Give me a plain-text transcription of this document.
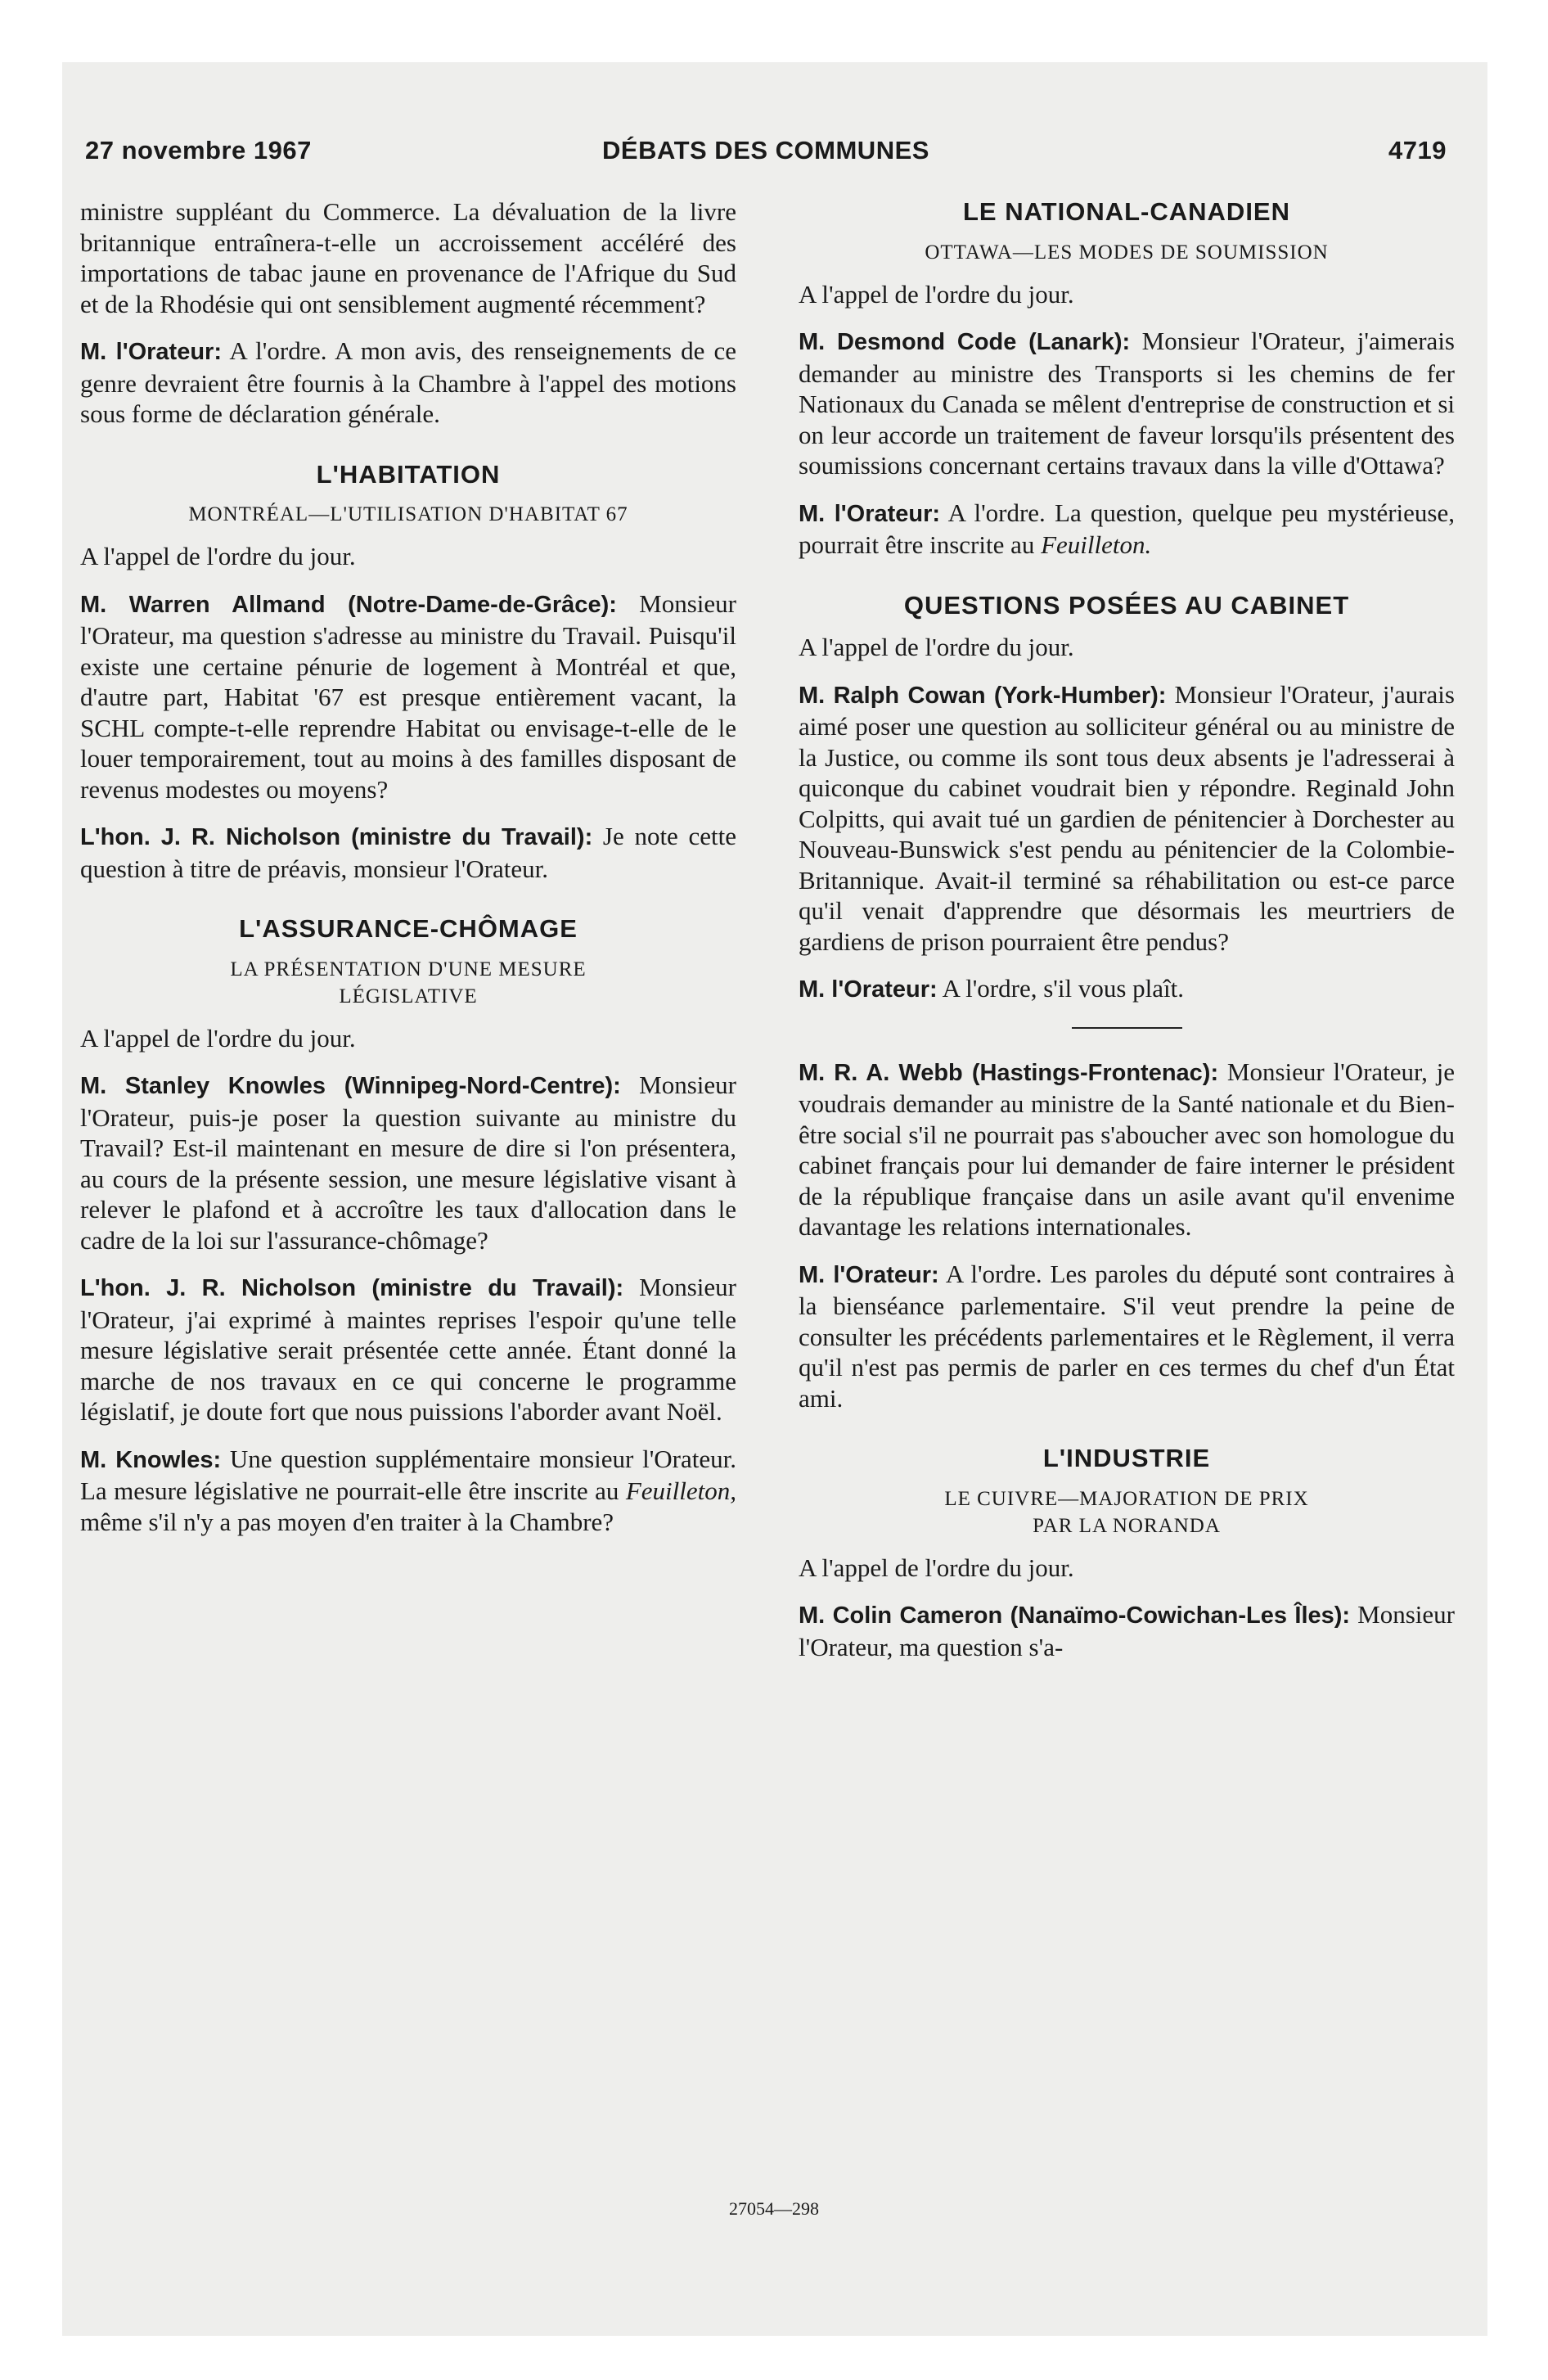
27 novembre 1967	DÉBATS DES COMMUNES	4719

ministre suppléant du Commerce. La dévaluation de la livre britannique entraînera-t-elle un accroissement accéléré des importations de tabac jaune en provenance de l'Afrique du Sud et de la Rhodésie qui ont sensiblement augmenté récemment?

M. l'Orateur: A l'ordre. A mon avis, des renseignements de ce genre devraient être fournis à la Chambre à l'appel des motions sous forme de déclaration générale.

L'HABITATION
MONTRÉAL—L'UTILISATION D'HABITAT 67

A l'appel de l'ordre du jour.

M. Warren Allmand (Notre-Dame-de-Grâce): Monsieur l'Orateur, ma question s'adresse au ministre du Travail. Puisqu'il existe une certaine pénurie de logement à Montréal et que, d'autre part, Habitat '67 est presque entièrement vacant, la SCHL compte-t-elle reprendre Habitat ou envisage-t-elle de le louer temporairement, tout au moins à des familles disposant de revenus modestes ou moyens?

L'hon. J. R. Nicholson (ministre du Travail): Je note cette question à titre de préavis, monsieur l'Orateur.

L'ASSURANCE-CHÔMAGE
LA PRÉSENTATION D'UNE MESURE
LÉGISLATIVE

A l'appel de l'ordre du jour.

M. Stanley Knowles (Winnipeg-Nord-Centre): Monsieur l'Orateur, puis-je poser la question suivante au ministre du Travail? Est-il maintenant en mesure de dire si l'on présentera, au cours de la présente session, une mesure législative visant à relever le plafond et à accroître les taux d'allocation dans le cadre de la loi sur l'assurance-chômage?

L'hon. J. R. Nicholson (ministre du Travail): Monsieur l'Orateur, j'ai exprimé à maintes reprises l'espoir qu'une telle mesure législative serait présentée cette année. Étant donné la marche de nos travaux en ce qui concerne le programme législatif, je doute fort que nous puissions l'aborder avant Noël.

M. Knowles: Une question supplémentaire monsieur l'Orateur. La mesure législative ne pourrait-elle être inscrite au Feuilleton, même s'il n'y a pas moyen d'en traiter à la Chambre?

LE NATIONAL-CANADIEN
OTTAWA—LES MODES DE SOUMISSION

A l'appel de l'ordre du jour.

M. Desmond Code (Lanark): Monsieur l'Orateur, j'aimerais demander au ministre des Transports si les chemins de fer Nationaux du Canada se mêlent d'entreprise de construction et si on leur accorde un traitement de faveur lorsqu'ils présentent des soumissions concernant certains travaux dans la ville d'Ottawa?

M. l'Orateur: A l'ordre. La question, quelque peu mystérieuse, pourrait être inscrite au Feuilleton.

QUESTIONS POSÉES AU CABINET

A l'appel de l'ordre du jour.

M. Ralph Cowan (York-Humber): Monsieur l'Orateur, j'aurais aimé poser une question au solliciteur général ou au ministre de la Justice, ou comme ils sont tous deux absents je l'adresserai à quiconque du cabinet voudrait bien y répondre. Reginald John Colpitts, qui avait tué un gardien de pénitencier à Dorchester au Nouveau-Bunswick s'est pendu au pénitencier de la Colombie-Britannique. Avait-il terminé sa réhabilitation ou est-ce parce qu'il venait d'apprendre que désormais les meurtriers de gardiens de prison pourraient être pendus?

M. l'Orateur: A l'ordre, s'il vous plaît.

M. R. A. Webb (Hastings-Frontenac): Monsieur l'Orateur, je voudrais demander au ministre de la Santé nationale et du Bien-être social s'il ne pourrait pas s'aboucher avec son homologue du cabinet français pour lui demander de faire interner le président de la république française dans un asile avant qu'il envenime davantage les relations internationales.

M. l'Orateur: A l'ordre. Les paroles du député sont contraires à la bienséance parlementaire. S'il veut prendre la peine de consulter les précédents parlementaires et le Règlement, il verra qu'il n'est pas permis de parler en ces termes du chef d'un État ami.

L'INDUSTRIE
LE CUIVRE—MAJORATION DE PRIX
PAR LA NORANDA

A l'appel de l'ordre du jour.

M. Colin Cameron (Nanaïmo-Cowichan-Les Îles): Monsieur l'Orateur, ma question s'a-

27054—298
